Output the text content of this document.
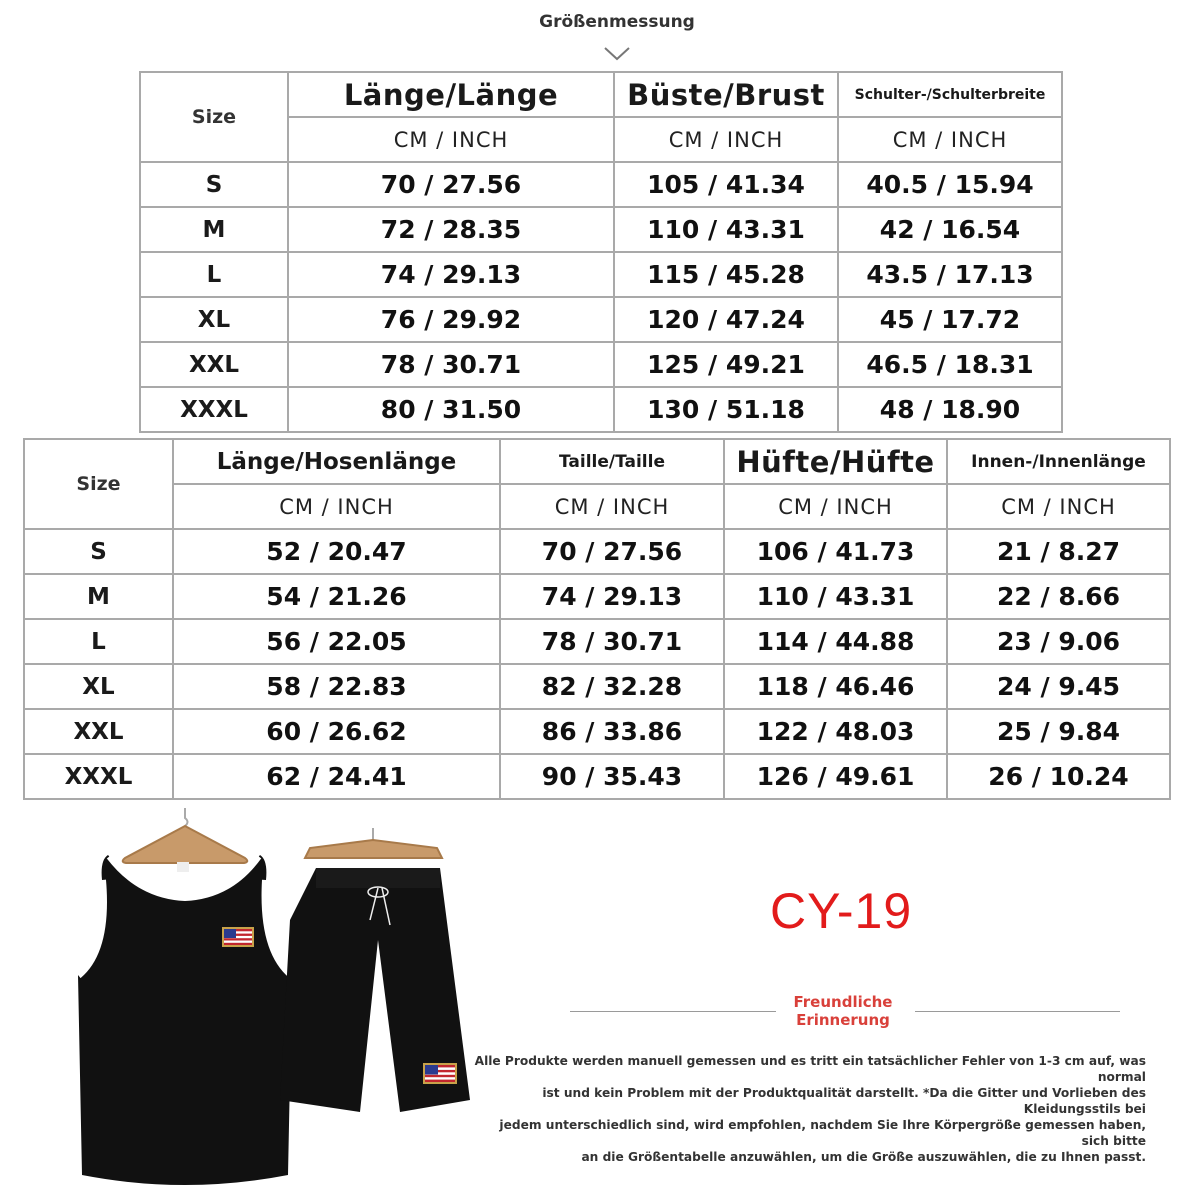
Größenmessung
Size	Länge/Länge	Büste/Brust	Schulter-/Schulterbreite
	CM / INCH	CM / INCH	CM / INCH
S	70 / 27.56	105 / 41.34	40.5 / 15.94
M	72 / 28.35	110 / 43.31	42 / 16.54
L	74 / 29.13	115 / 45.28	43.5 / 17.13
XL	76 / 29.92	120 / 47.24	45 / 17.72
XXL	78 / 30.71	125 / 49.21	46.5 / 18.31
XXXL	80 / 31.50	130 / 51.18	48 / 18.90
Size	Länge/Hosenlänge	Taille/Taille	Hüfte/Hüfte	Innen-/Innenlänge
	CM / INCH	CM / INCH	CM / INCH	CM / INCH
S	52 / 20.47	70 / 27.56	106 / 41.73	21 / 8.27
M	54 / 21.26	74 / 29.13	110 / 43.31	22 / 8.66
L	56 / 22.05	78 / 30.71	114 / 44.88	23 / 9.06
XL	58 / 22.83	82 / 32.28	118 / 46.46	24 / 9.45
XXL	60 / 26.62	86 / 33.86	122 / 48.03	25 / 9.84
XXXL	62 / 24.41	90 / 35.43	126 / 49.61	26 / 10.24
CY-19
Freundliche
Erinnerung
Alle Produkte werden manuell gemessen und es tritt ein tatsächlicher Fehler von 1-3 cm auf, was normal
ist und kein Problem mit der Produktqualität darstellt. *Da die Gitter und Vorlieben des Kleidungsstils bei
jedem unterschiedlich sind, wird empfohlen, nachdem Sie Ihre Körpergröße gemessen haben, sich bitte
an die Größentabelle anzuwählen, um die Größe auszuwählen, die zu Ihnen passt.
